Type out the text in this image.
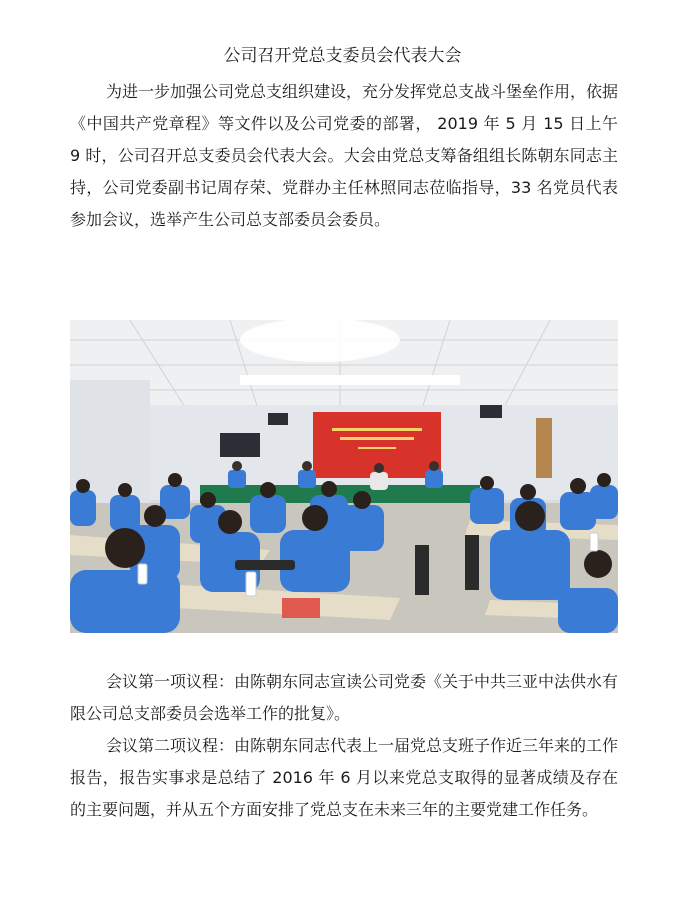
公司召开党总支委员会代表大会

为进一步加强公司党总支组织建设，充分发挥党总支战斗堡垒作用，依据《中国共产党章程》等文件以及公司党委的部署， 2019 年 5 月 15 日上午 9 时，公司召开总支委员会代表大会。大会由党总支筹备组组长陈朝东同志主持，公司党委副书记周存荣、党群办主任林照同志莅临指导，33 名党员代表参加会议，选举产生公司总支部委员会委员。

会议第一项议程：由陈朝东同志宣读公司党委《关于中共三亚中法供水有限公司总支部委员会选举工作的批复》。

会议第二项议程：由陈朝东同志代表上一届党总支班子作近三年来的工作报告，报告实事求是总结了 2016 年 6 月以来党总支取得的显著成绩及存在的主要问题，并从五个方面安排了党总支在未来三年的主要党建工作任务。
